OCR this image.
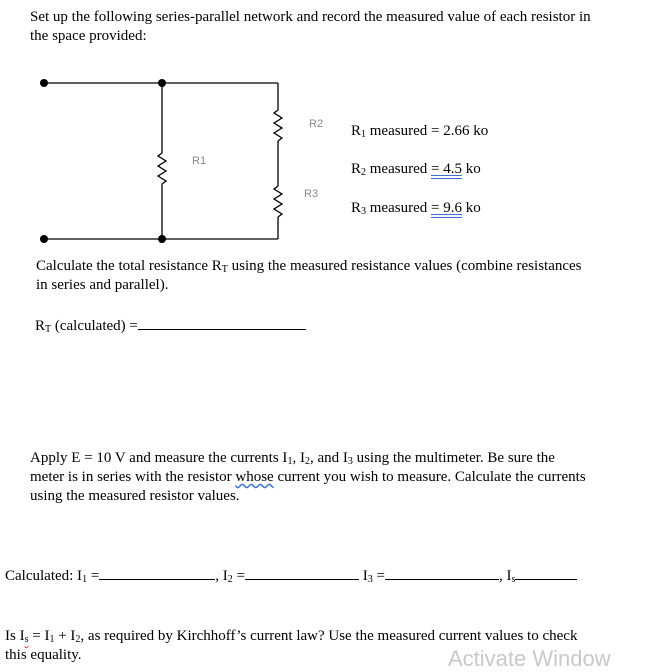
Set up the following series-parallel network and record the measured value of each resistor in
the space provided:
R1
R2
R3
$R_1$ measured = 2.66 ko
$R_2$ measured = 4.5 ko
$R_3$ measured = 9.6 ko
Calculate the total resistance $R_T$ using the measured resistance values (combine resistances
in series and parallel).
$R_T$ (calculated) =
Apply E = 10 V and measure the currents $I_1$, $I_2$, and $I_3$ using the multimeter. Be sure the
meter is in series with the resistor whose current you wish to measure. Calculate the currents
using the measured resistor values.
Calculated: $I_1$ =	, $I_2$ =	$I_3$ =	, $I_s$
Is $I_s = I_1 + I_2$, as required by Kirchhoff’s current law? Use the measured current values to check
this equality.	Activate Window
